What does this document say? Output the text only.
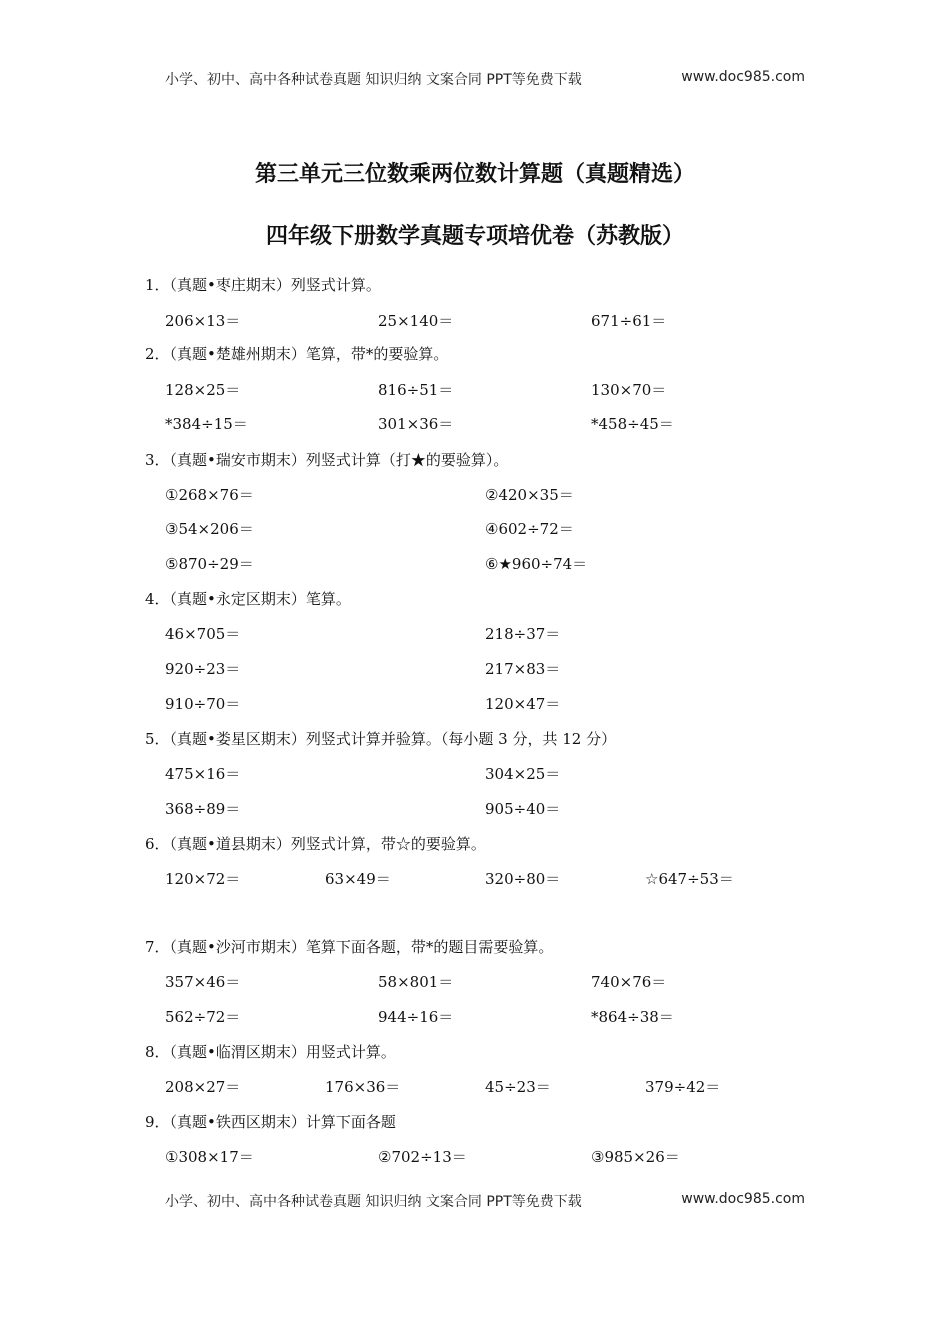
小学、初中、高中各种试卷真题 知识归纳 文案合同 PPT等免费下载	www.doc985.com
第三单元三位数乘两位数计算题（真题精选）
四年级下册数学真题专项培优卷（苏教版）
1．（真题•枣庄期末）列竖式计算。
206×13＝	25×140＝	671÷61＝
2．（真题•楚雄州期末）笔算，带*的要验算。
128×25＝	816÷51＝	130×70＝
*384÷15＝	301×36＝	*458÷45＝
3．（真题•瑞安市期末）列竖式计算（打★的要验算）。
①268×76＝	②420×35＝
③54×206＝	④602÷72＝
⑤870÷29＝	⑥★960÷74＝
4．（真题•永定区期末）笔算。
46×705＝	218÷37＝
920÷23＝	217×83＝
910÷70＝	120×47＝
5．（真题•娄星区期末）列竖式计算并验算。（每小题 3 分，共 12 分）
475×16＝	304×25＝
368÷89＝	905÷40＝
6．（真题•道县期末）列竖式计算，带☆的要验算。
120×72＝	63×49＝	320÷80＝	☆647÷53＝
7．（真题•沙河市期末）笔算下面各题，带*的题目需要验算。
357×46＝	58×801＝	740×76＝
562÷72＝	944÷16＝	*864÷38＝
8．（真题•临渭区期末）用竖式计算。
208×27＝	176×36＝	45÷23＝	379÷42＝
9．（真题•铁西区期末）计算下面各题
①308×17＝	②702÷13＝	③985×26＝
小学、初中、高中各种试卷真题 知识归纳 文案合同 PPT等免费下载	www.doc985.com
